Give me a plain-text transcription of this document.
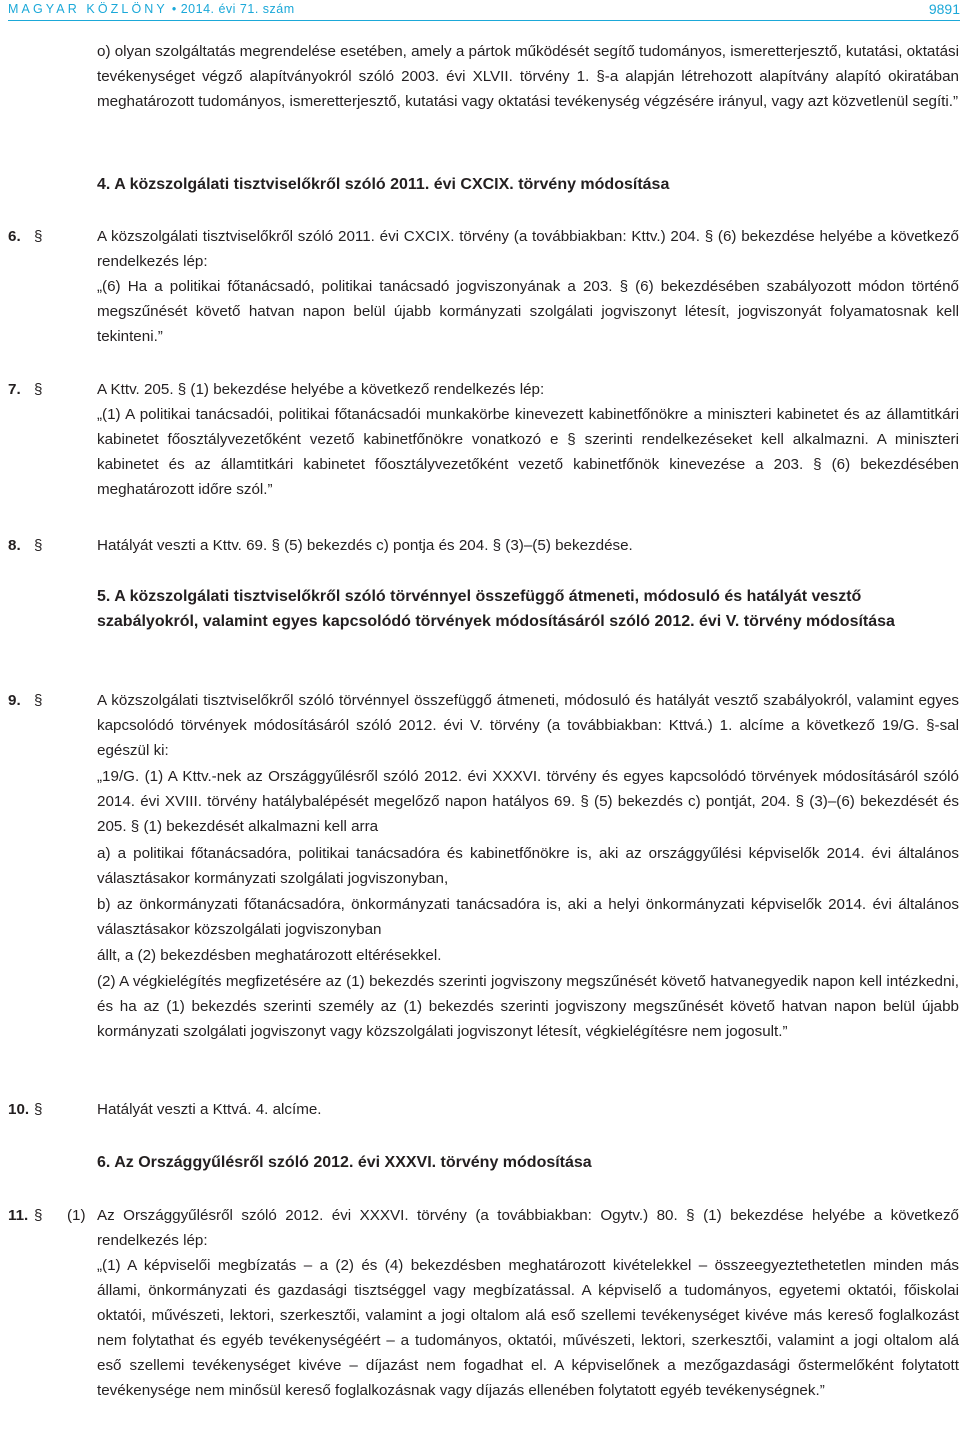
MAGYAR KÖZLÖNY • 2014. évi 71. szám	9891

o) olyan szolgáltatás megrendelése esetében, amely a pártok működését segítő tudományos, ismeretterjesztő, kutatási, oktatási tevékenységet végző alapítványokról szóló 2003. évi XLVII. törvény 1. §-a alapján létrehozott alapítvány alapító okiratában meghatározott tudományos, ismeretterjesztő, kutatási vagy oktatási tevékenység végzésére irányul, vagy azt közvetlenül segíti.”

4. A közszolgálati tisztviselőkről szóló 2011. évi CXCIX. törvény módosítása

6. §	A közszolgálati tisztviselőkről szóló 2011. évi CXCIX. törvény (a továbbiakban: Kttv.) 204. § (6) bekezdése helyébe a következő rendelkezés lép:

„(6) Ha a politikai főtanácsadó, politikai tanácsadó jogviszonyának a 203. § (6) bekezdésében szabályozott módon történő megszűnését követő hatvan napon belül újabb kormányzati szolgálati jogviszonyt létesít, jogviszonyát folyamatosnak kell tekinteni.”

7. §	A Kttv. 205. § (1) bekezdése helyébe a következő rendelkezés lép:

„(1) A politikai tanácsadói, politikai főtanácsadói munkakörbe kinevezett kabinetfőnökre a miniszteri kabinetet és az államtitkári kabinetet főosztályvezetőként vezető kabinetfőnökre vonatkozó e § szerinti rendelkezéseket kell alkalmazni. A miniszteri kabinetet és az államtitkári kabinetet főosztályvezetőként vezető kabinetfőnök kinevezése a 203. § (6) bekezdésében meghatározott időre szól.”

8. §	Hatályát veszti a Kttv. 69. § (5) bekezdés c) pontja és 204. § (3)–(5) bekezdése.

5. A közszolgálati tisztviselőkről szóló törvénnyel összefüggő átmeneti, módosuló és hatályát vesztő szabályokról, valamint egyes kapcsolódó törvények módosításáról szóló 2012. évi V. törvény módosítása

9. §	A közszolgálati tisztviselőkről szóló törvénnyel összefüggő átmeneti, módosuló és hatályát vesztő szabályokról, valamint egyes kapcsolódó törvények módosításáról szóló 2012. évi V. törvény (a továbbiakban: Kttvá.) 1. alcíme a következő 19/G. §-sal egészül ki:

„19/G. (1) A Kttv.-nek az Országgyűlésről szóló 2012. évi XXXVI. törvény és egyes kapcsolódó törvények módosításáról szóló 2014. évi XVIII. törvény hatálybalépését megelőző napon hatályos 69. § (5) bekezdés c) pontját, 204. § (3)–(6) bekezdését és 205. § (1) bekezdését alkalmazni kell arra

a) a politikai főtanácsadóra, politikai tanácsadóra és kabinetfőnökre is, aki az országgyűlési képviselők 2014. évi általános választásakor kormányzati szolgálati jogviszonyban,

b) az önkormányzati főtanácsadóra, önkormányzati tanácsadóra is, aki a helyi önkormányzati képviselők 2014. évi általános választásakor közszolgálati jogviszonyban

állt, a (2) bekezdésben meghatározott eltérésekkel.

(2) A végkielégítés megfizetésére az (1) bekezdés szerinti jogviszony megszűnését követő hatvanegyedik napon kell intézkedni, és ha az (1) bekezdés szerinti személy az (1) bekezdés szerinti jogviszony megszűnését követő hatvan napon belül újabb kormányzati szolgálati jogviszonyt vagy közszolgálati jogviszonyt létesít, végkielégítésre nem jogosult.”

10. §	Hatályát veszti a Kttvá. 4. alcíme.

6. Az Országgyűlésről szóló 2012. évi XXXVI. törvény módosítása

11. § (1) Az Országgyűlésről szóló 2012. évi XXXVI. törvény (a továbbiakban: Ogytv.) 80. § (1) bekezdése helyébe a következő rendelkezés lép:

„(1) A képviselői megbízatás – a (2) és (4) bekezdésben meghatározott kivételekkel – összeegyeztethetetlen minden más állami, önkormányzati és gazdasági tisztséggel vagy megbízatással. A képviselő a tudományos, egyetemi oktatói, főiskolai oktatói, művészeti, lektori, szerkesztői, valamint a jogi oltalom alá eső szellemi tevékenységet kivéve más kereső foglalkozást nem folytathat és egyéb tevékenységéért – a tudományos, oktatói, művészeti, lektori, szerkesztői, valamint a jogi oltalom alá eső szellemi tevékenységet kivéve – díjazást nem fogadhat el. A képviselőnek a mezőgazdasági őstermelőként folytatott tevékenysége nem minősül kereső foglalkozásnak vagy díjazás ellenében folytatott egyéb tevékenységnek.”
